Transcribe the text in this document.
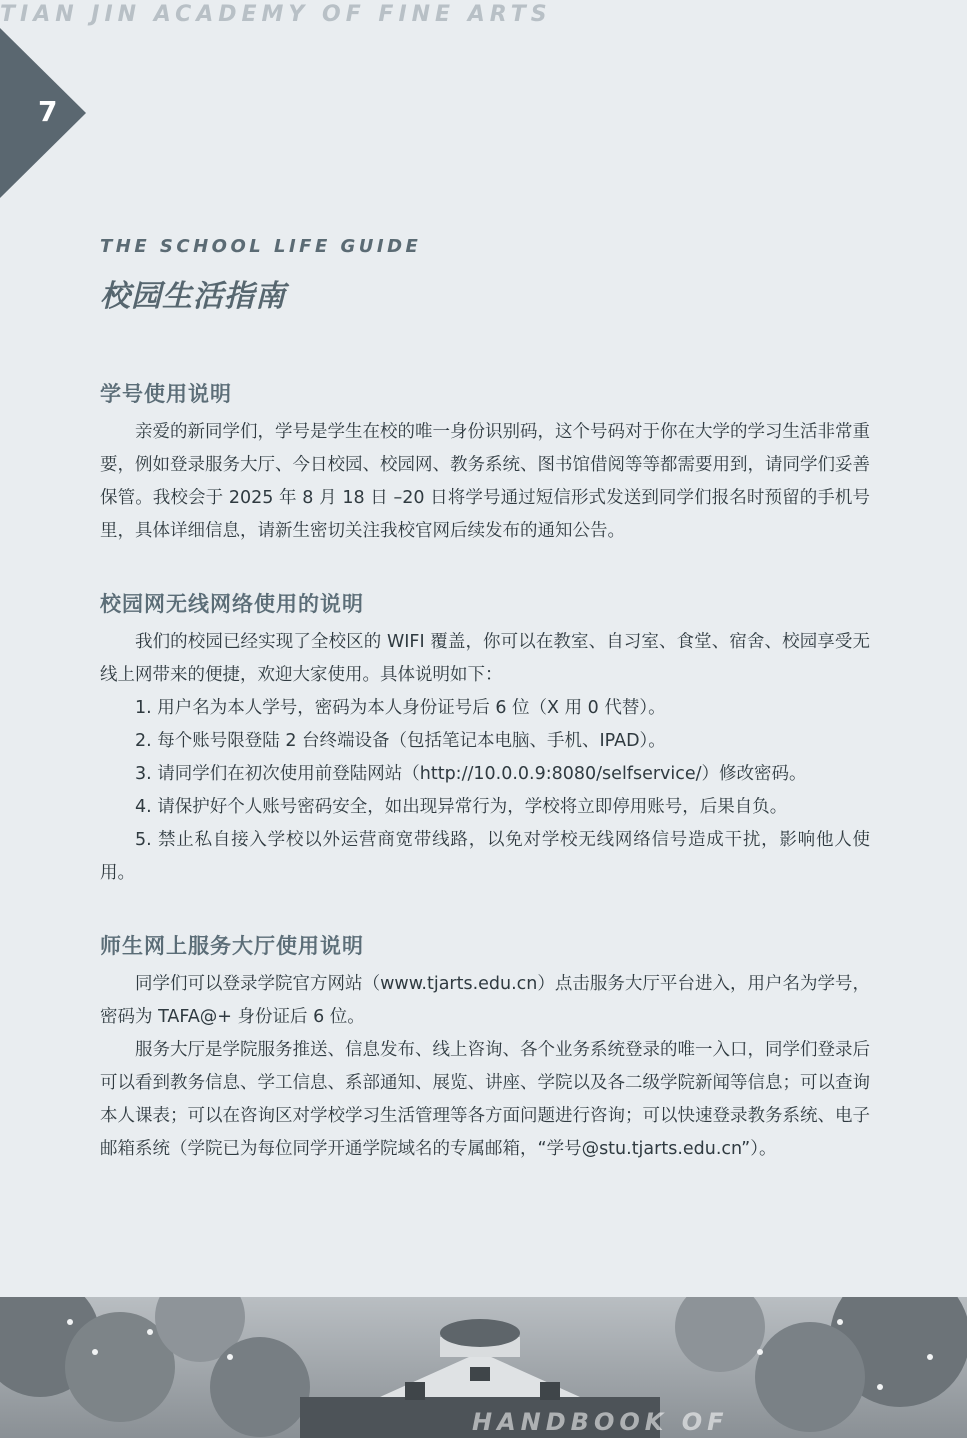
TIAN JIN ACADEMY OF FINE ARTS
7
THE SCHOOL LIFE GUIDE
校园生活指南
学号使用说明

亲爱的新同学们，学号是学生在校的唯一身份识别码，这个号码对于你在大学的学习生活非常重要，例如登录服务大厅、今日校园、校园网、教务系统、图书馆借阅等等都需要用到，请同学们妥善保管。我校会于 2025 年 8 月 18 日 –20 日将学号通过短信形式发送到同学们报名时预留的手机号里，具体详细信息，请新生密切关注我校官网后续发布的通知公告。

校园网无线网络使用的说明

我们的校园已经实现了全校区的 WIFI 覆盖，你可以在教室、自习室、食堂、宿舍、校园享受无线上网带来的便捷，欢迎大家使用。具体说明如下：

1. 用户名为本人学号，密码为本人身份证号后 6 位（X 用 0 代替）。

2. 每个账号限登陆 2 台终端设备（包括笔记本电脑、手机、IPAD）。

3. 请同学们在初次使用前登陆网站（http://10.0.0.9:8080/selfservice/）修改密码。

4. 请保护好个人账号密码安全，如出现异常行为，学校将立即停用账号，后果自负。

5. 禁止私自接入学校以外运营商宽带线路，以免对学校无线网络信号造成干扰，影响他人使用。

师生网上服务大厅使用说明

同学们可以登录学院官方网站（www.tjarts.edu.cn）点击服务大厅平台进入，用户名为学号，密码为 TAFA@+ 身份证后 6 位。

服务大厅是学院服务推送、信息发布、线上咨询、各个业务系统登录的唯一入口，同学们登录后可以看到教务信息、学工信息、系部通知、展览、讲座、学院以及各二级学院新闻等信息；可以查询本人课表；可以在咨询区对学校学习生活管理等各方面问题进行咨询；可以快速登录教务系统、电子邮箱系统（学院已为每位同学开通学院域名的专属邮箱，“学号@stu.tjarts.edu.cn”）。

HANDBOOK OF
